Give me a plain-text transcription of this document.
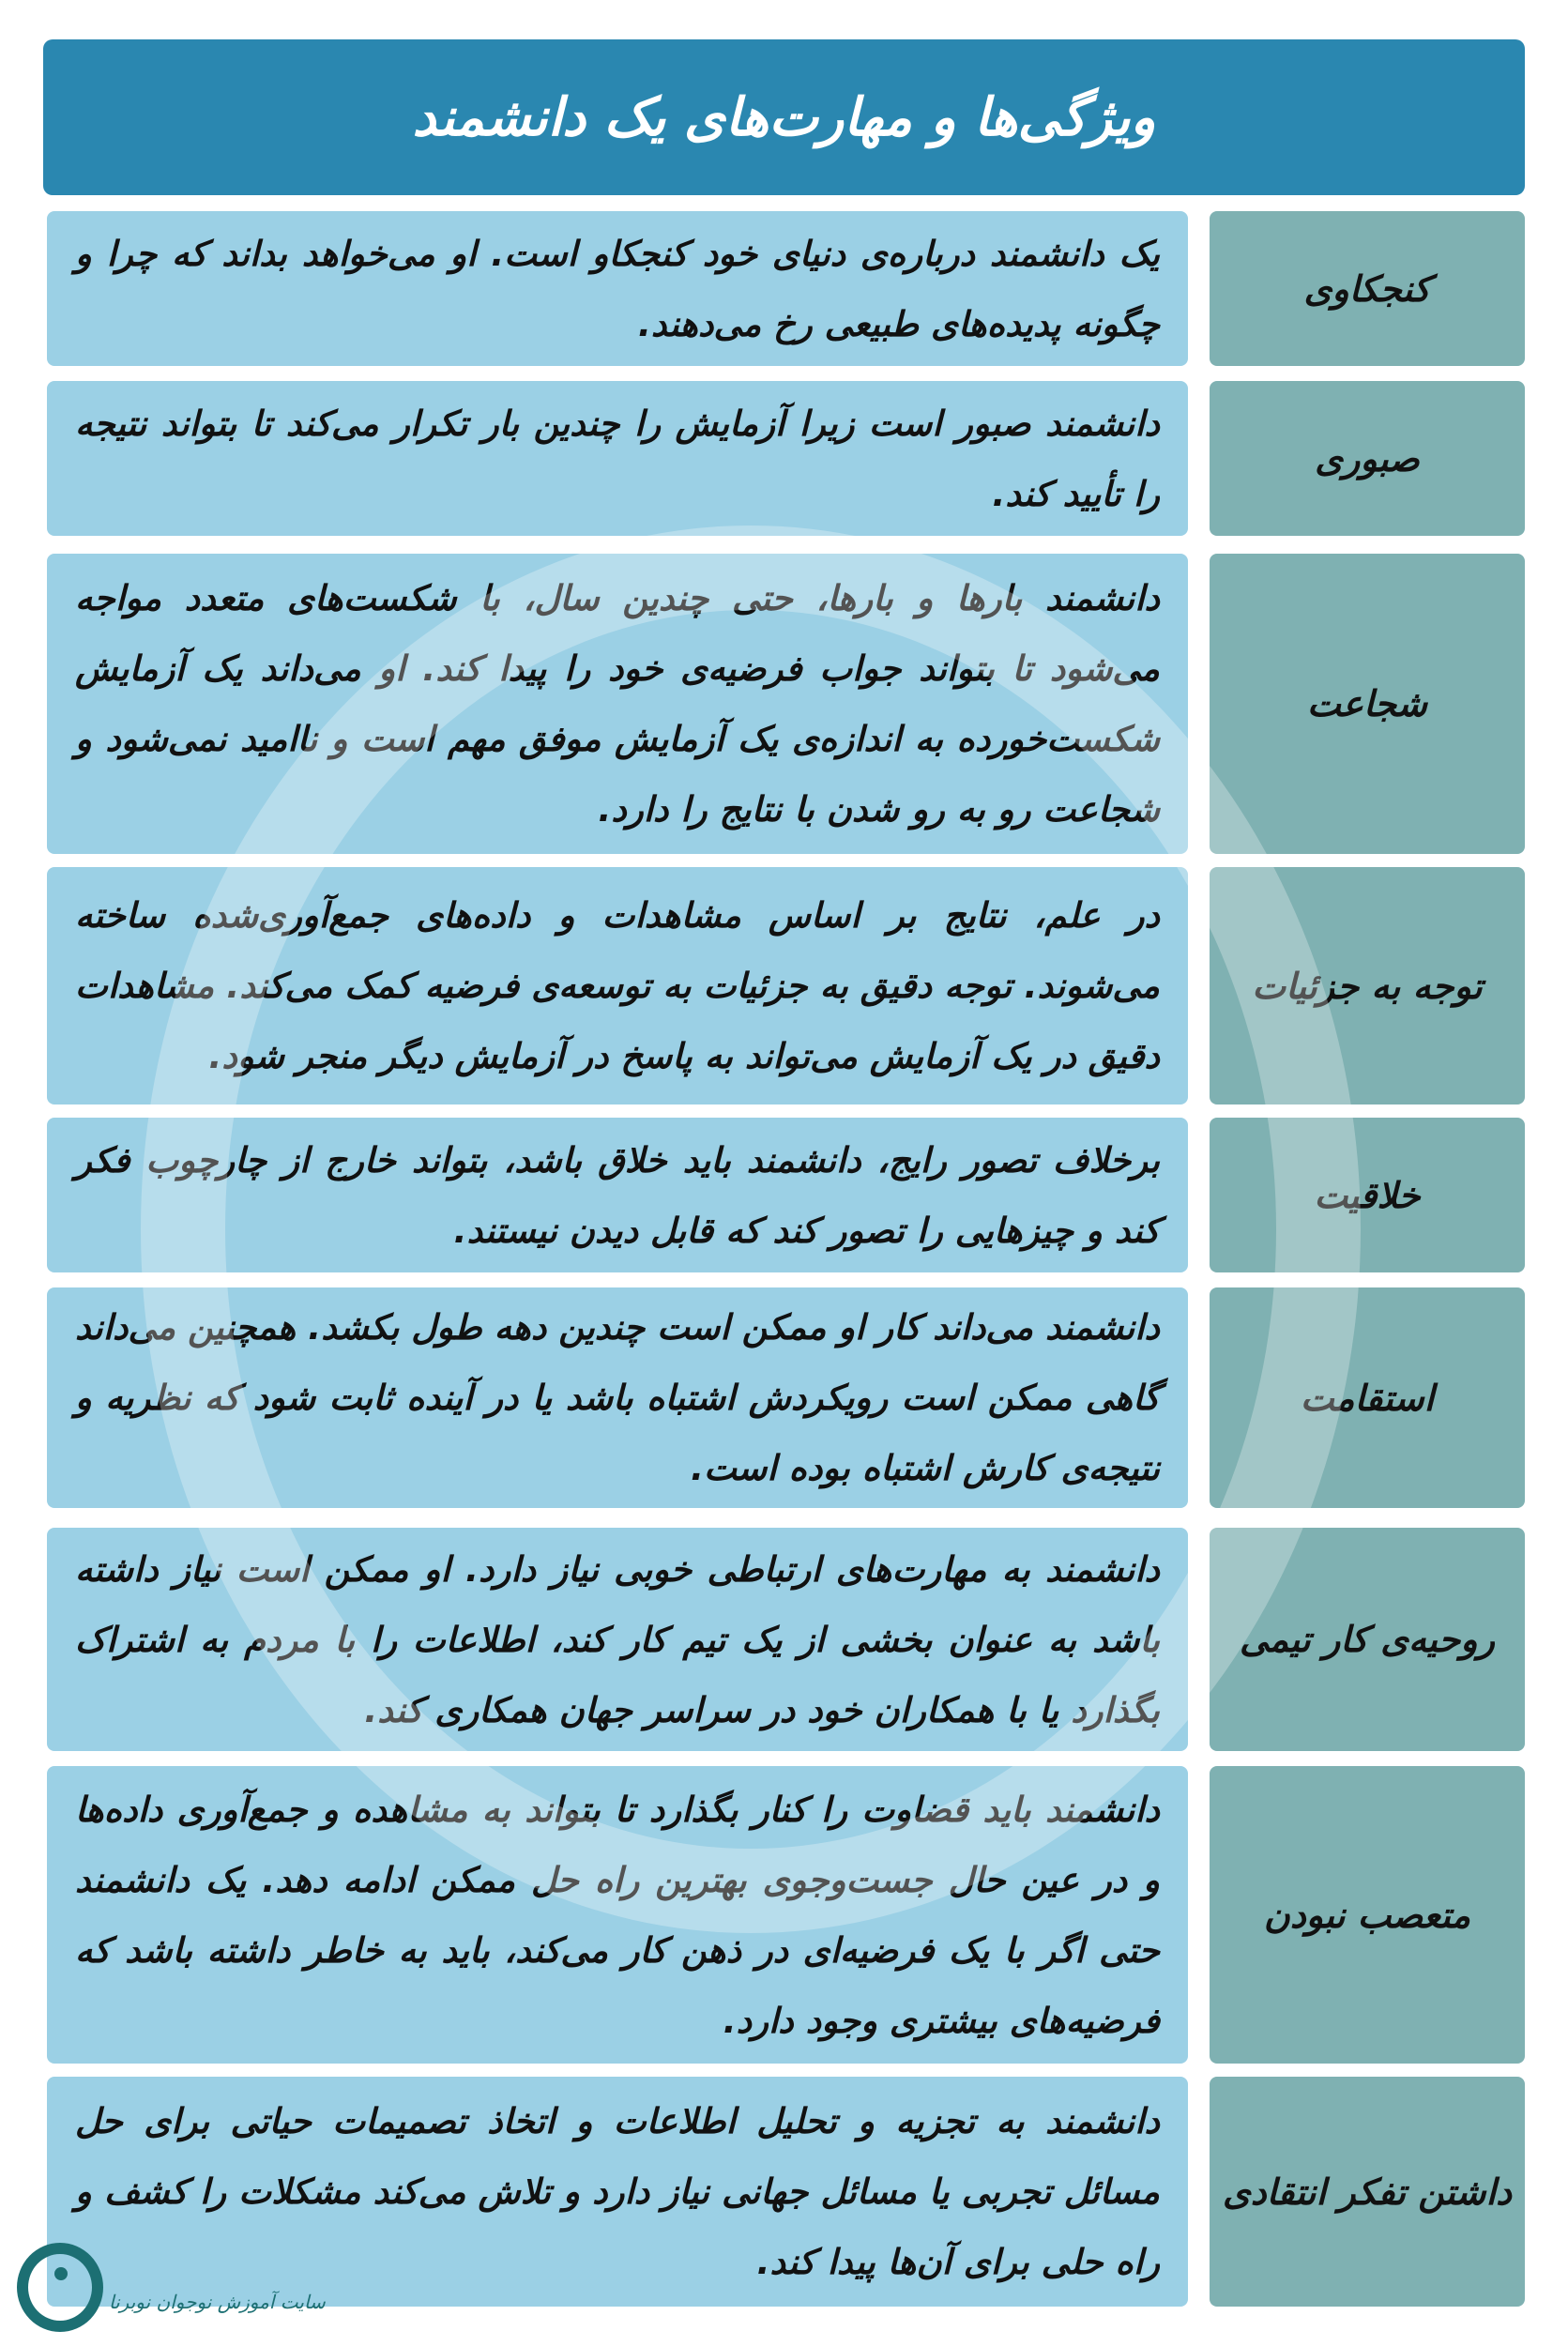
ویژگی‌ها و مهارت‌های یک دانشمند
یک دانشمند درباره‌ی دنیای خود کنجکاو است. او می‌خواهد بداند که چرا و چگونه پدیده‌های طبیعی رخ می‌دهند.
کنجکاوی
دانشمند صبور است زیرا آزمایش را چندین بار تکرار می‌کند تا بتواند نتیجه را تأیید کند.
صبوری
دانشمند بارها و بارها، حتی چندین سال، با شکست‌های متعدد مواجه می‌شود تا بتواند جواب فرضیه‌ی خود را پیدا کند. او می‌داند یک آزمایش شکست‌خورده به اندازه‌ی یک آزمایش موفق مهم است و ناامید نمی‌شود و شجاعت رو به رو شدن با نتایج را دارد.
شجاعت
در علم، نتایج بر اساس مشاهدات و داده‌های جمع‌آوری‌شده ساخته می‌شوند. توجه دقیق به جزئیات به توسعه‌ی فرضیه کمک می‌کند. مشاهدات دقیق در یک آزمایش می‌تواند به پاسخ در آزمایش دیگر منجر شود.
توجه به جزئیات
برخلاف تصور رایج، دانشمند باید خلاق باشد، بتواند خارج از چارچوب فکر کند و چیزهایی را تصور کند که قابل دیدن نیستند.
خلاقیت
دانشمند می‌داند کار او ممکن است چندین دهه طول بکشد. همچنین می‌داند گاهی ممکن است رویکردش اشتباه باشد یا در آینده ثابت شود که نظریه و نتیجه‌ی کارش اشتباه بوده است.
استقامت
دانشمند به مهارت‌های ارتباطی خوبی نیاز دارد. او ممکن است نیاز داشته باشد به عنوان بخشی از یک تیم کار کند، اطلاعات را با مردم به اشتراک بگذارد یا با همکاران خود در سراسر جهان همکاری کند.
روحیه‌ی کار تیمی
دانشمند باید قضاوت را کنار بگذارد تا بتواند به مشاهده و جمع‌آوری داده‌ها و در عین حال جست‌وجوی بهترین راه حل ممکن ادامه دهد. یک دانشمند حتی اگر با یک فرضیه‌ای در ذهن کار می‌کند، باید به خاطر داشته باشد که فرضیه‌های بیشتری وجود دارد.
متعصب نبودن
دانشمند به تجزیه و تحلیل اطلاعات و اتخاذ تصمیمات حیاتی برای حل مسائل تجربی یا مسائل جهانی نیاز دارد و تلاش می‌کند مشکلات را کشف و راه حلی برای آن‌ها پیدا کند.
داشتن تفکر انتقادی
سایت آموزش نوجوان نوبرنا
